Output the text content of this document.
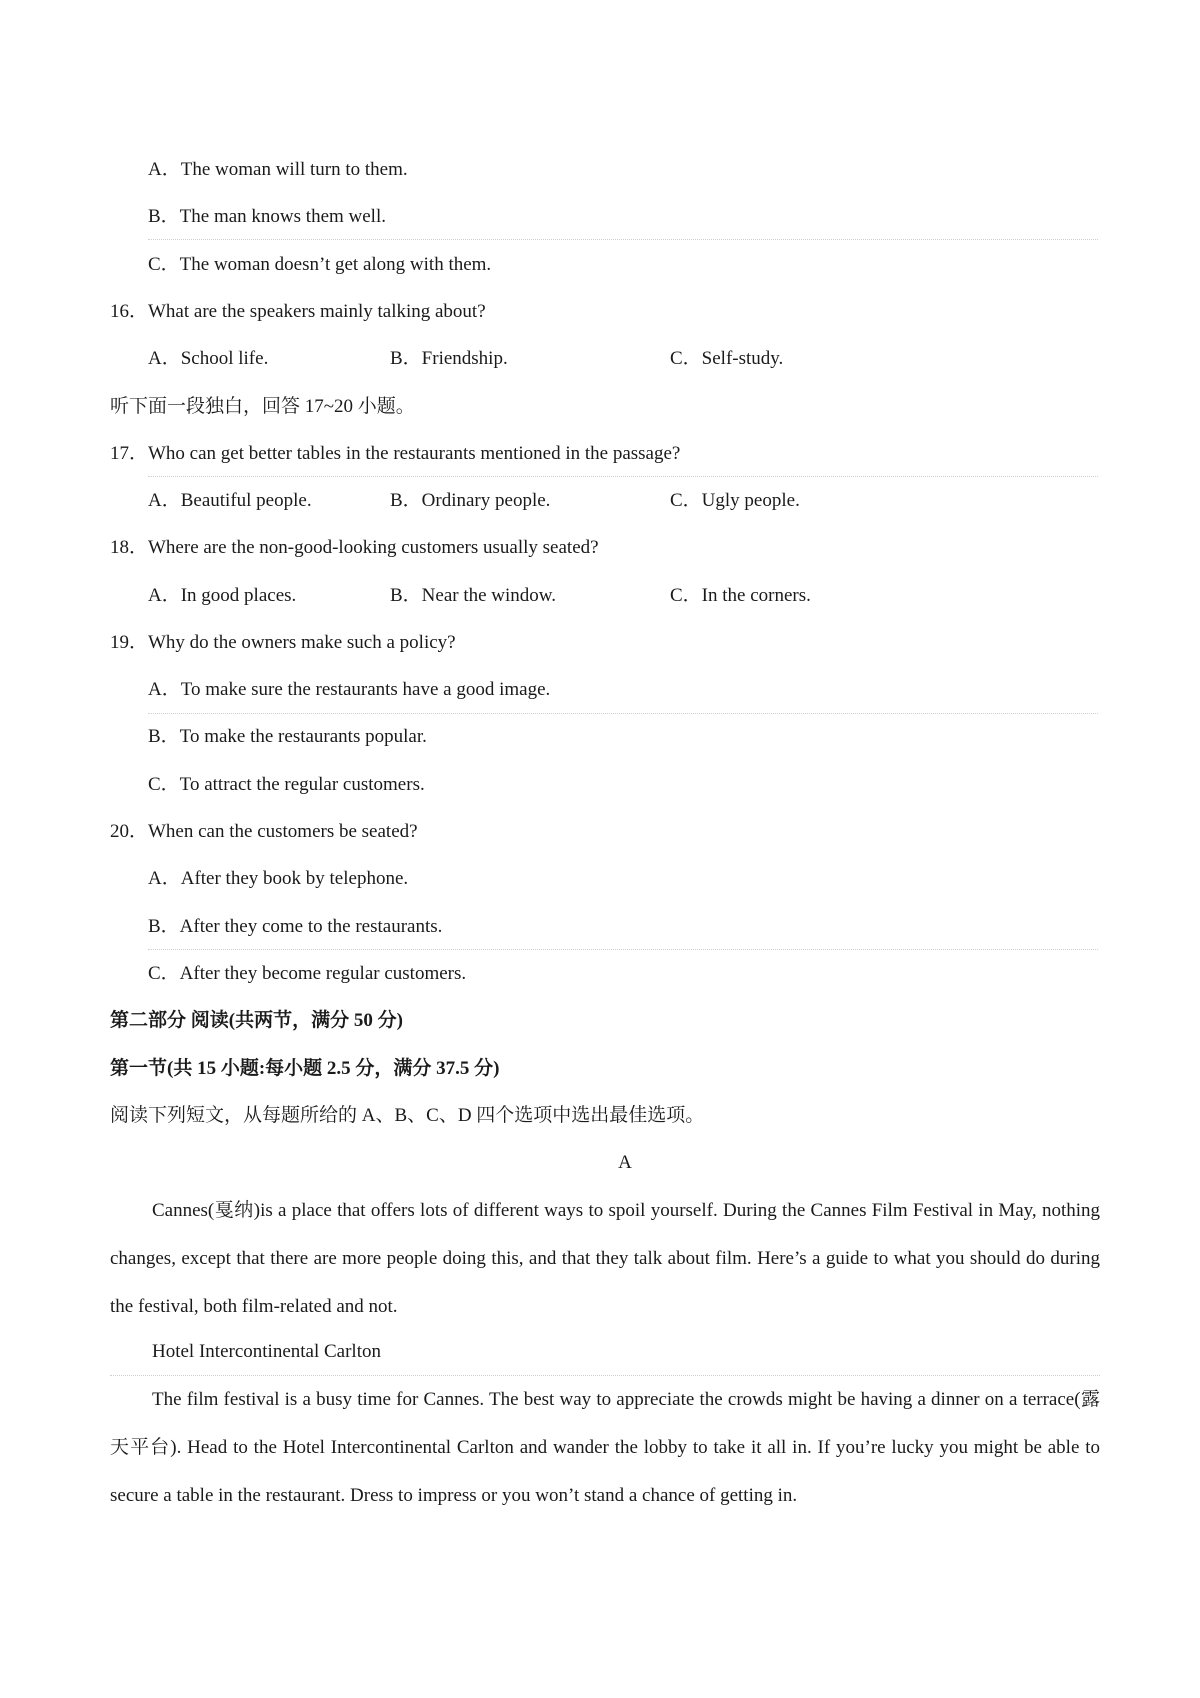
A．The woman will turn to them.
B．The man knows them well.
C．The woman doesn’t get along with them.
16．What are the speakers mainly talking about?
A．School life.	B．Friendship.	C．Self-study.
听下面一段独白，回答 17~20 小题。
17．Who can get better tables in the restaurants mentioned in the passage?
A．Beautiful people.	B．Ordinary people.	C．Ugly people.
18．Where are the non-good-looking customers usually seated?
A．In good places.	B．Near the window.	C．In the corners.
19．Why do the owners make such a policy?
A．To make sure the restaurants have a good image.
B．To make the restaurants popular.
C．To attract the regular customers.
20．When can the customers be seated?
A．After they book by telephone.
B．After they come to the restaurants.
C．After they become regular customers.
第二部分 阅读(共两节，满分 50 分)
第一节(共 15 小题:每小题 2.5 分，满分 37.5 分)
阅读下列短文，从每题所给的 A、B、C、D 四个选项中选出最佳选项。
A
Cannes(戛纳)is a place that offers lots of different ways to spoil yourself. During the Cannes Film Festival in May, nothing changes, except that there are more people doing this, and that they talk about film. Here’s a guide to what you should do during the festival, both film-related and not.
Hotel Intercontinental Carlton
The film festival is a busy time for Cannes. The best way to appreciate the crowds might be having a dinner on a terrace(露天平台). Head to the Hotel Intercontinental Carlton and wander the lobby to take it all in. If you’re lucky you might be able to secure a table in the restaurant. Dress to impress or you won’t stand a chance of getting in.
